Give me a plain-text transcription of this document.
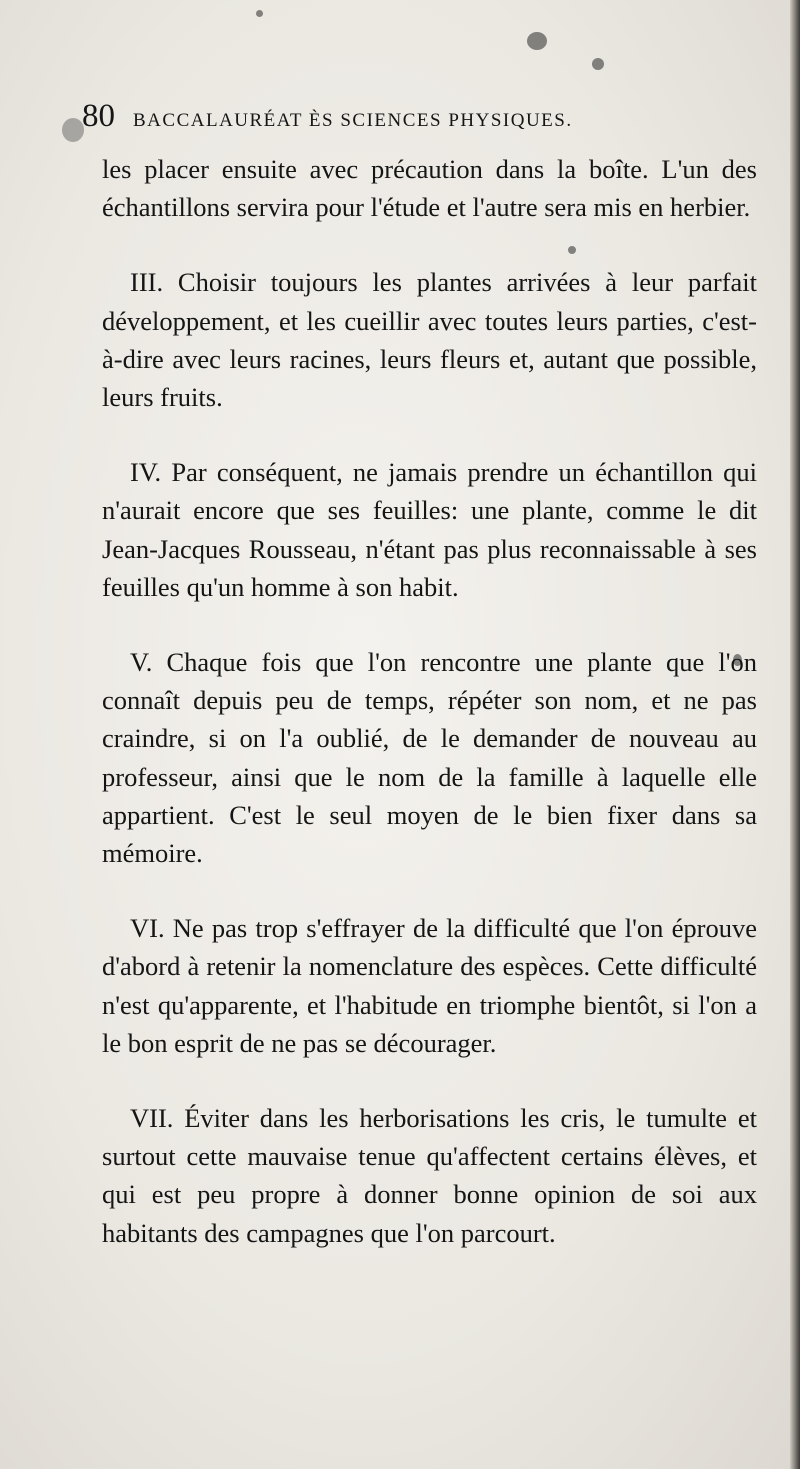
80 BACCALAURÉAT ÈS SCIENCES PHYSIQUES.

les placer ensuite avec précaution dans la boîte. L'un des échantillons servira pour l'étude et l'autre sera mis en herbier.

III. Choisir toujours les plantes arrivées à leur parfait développement, et les cueillir avec toutes leurs parties, c'est-à-dire avec leurs racines, leurs fleurs et, autant que possible, leurs fruits.

IV. Par conséquent, ne jamais prendre un échantillon qui n'aurait encore que ses feuilles: une plante, comme le dit Jean-Jacques Rousseau, n'étant pas plus reconnaissable à ses feuilles qu'un homme à son habit.

V. Chaque fois que l'on rencontre une plante que l'on connaît depuis peu de temps, répéter son nom, et ne pas craindre, si on l'a oublié, de le demander de nouveau au professeur, ainsi que le nom de la famille à laquelle elle appartient. C'est le seul moyen de le bien fixer dans sa mémoire.

VI. Ne pas trop s'effrayer de la difficulté que l'on éprouve d'abord à retenir la nomenclature des espèces. Cette difficulté n'est qu'apparente, et l'habitude en triomphe bientôt, si l'on a le bon esprit de ne pas se décourager.

VII. Éviter dans les herborisations les cris, le tumulte et surtout cette mauvaise tenue qu'affectent certains élèves, et qui est peu propre à donner bonne opinion de soi aux habitants des campagnes que l'on parcourt.
